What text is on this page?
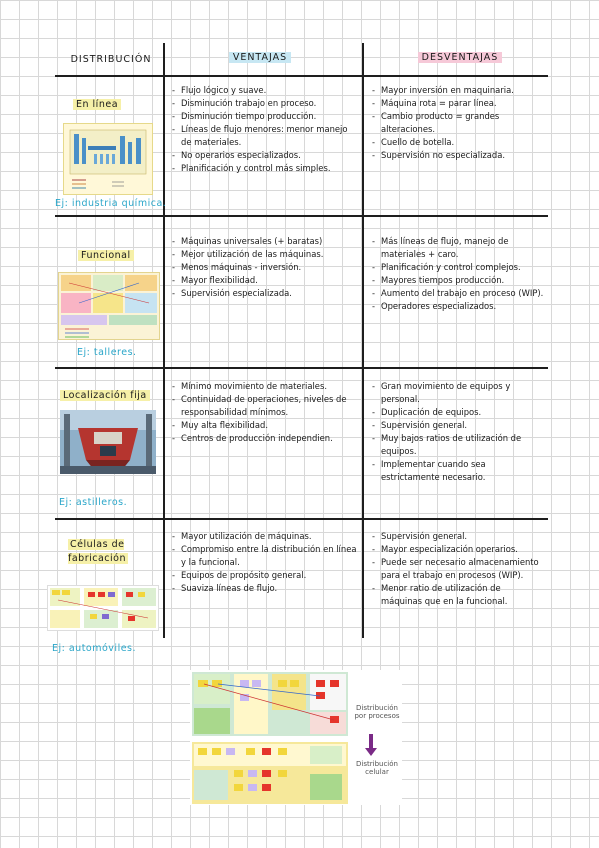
DISTRIBUCIÓN	VENTAJAS	DESVENTAJAS
En línea
Ej: industria química.
- Flujo lógico y suave.
- Disminución trabajo en proceso.
- Disminución tiempo producción.
- Líneas de flujo menores: menor manejo de materiales.
- No operarios especializados.
- Planificación y control más simples.
- Mayor inversión en maquinaria.
- Máquina rota = parar línea.
- Cambio producto = grandes alteraciones.
- Cuello de botella.
- Supervisión no especializada.
Funcional
Ej: talleres.
- Máquinas universales (+ baratas)
- Mejor utilización de las máquinas.
- Menos máquinas - inversión.
- Mayor flexibilidad.
- Supervisión especializada.
- Más líneas de flujo, manejo de materiales + caro.
- Planificación y control complejos.
- Mayores tiempos producción.
- Aumento del trabajo en proceso (WIP).
- Operadores especializados.
Localización fija
Ej: astilleros.
- Mínimo movimiento de materiales.
- Continuidad de operaciones, niveles de responsabilidad mínimos.
- Muy alta flexibilidad.
- Centros de producción independien.
- Gran movimiento de equipos y personal.
- Duplicación de equipos.
- Supervisión general.
- Muy bajos ratios de utilización de equipos.
- Implementar cuando sea estrictamente necesario.
Células de fabricación
Ej: automóviles.
- Mayor utilización de máquinas.
- Compromiso entre la distribución en línea y la funcional.
- Equipos de propósito general.
- Suaviza líneas de flujo.
- Supervisión general.
- Mayor especialización operarios.
- Puede ser necesario almacenamiento para el trabajo en procesos (WIP).
- Menor ratio de utilización de máquinas que en la funcional.
Distribución por procesos
Distribución celular
